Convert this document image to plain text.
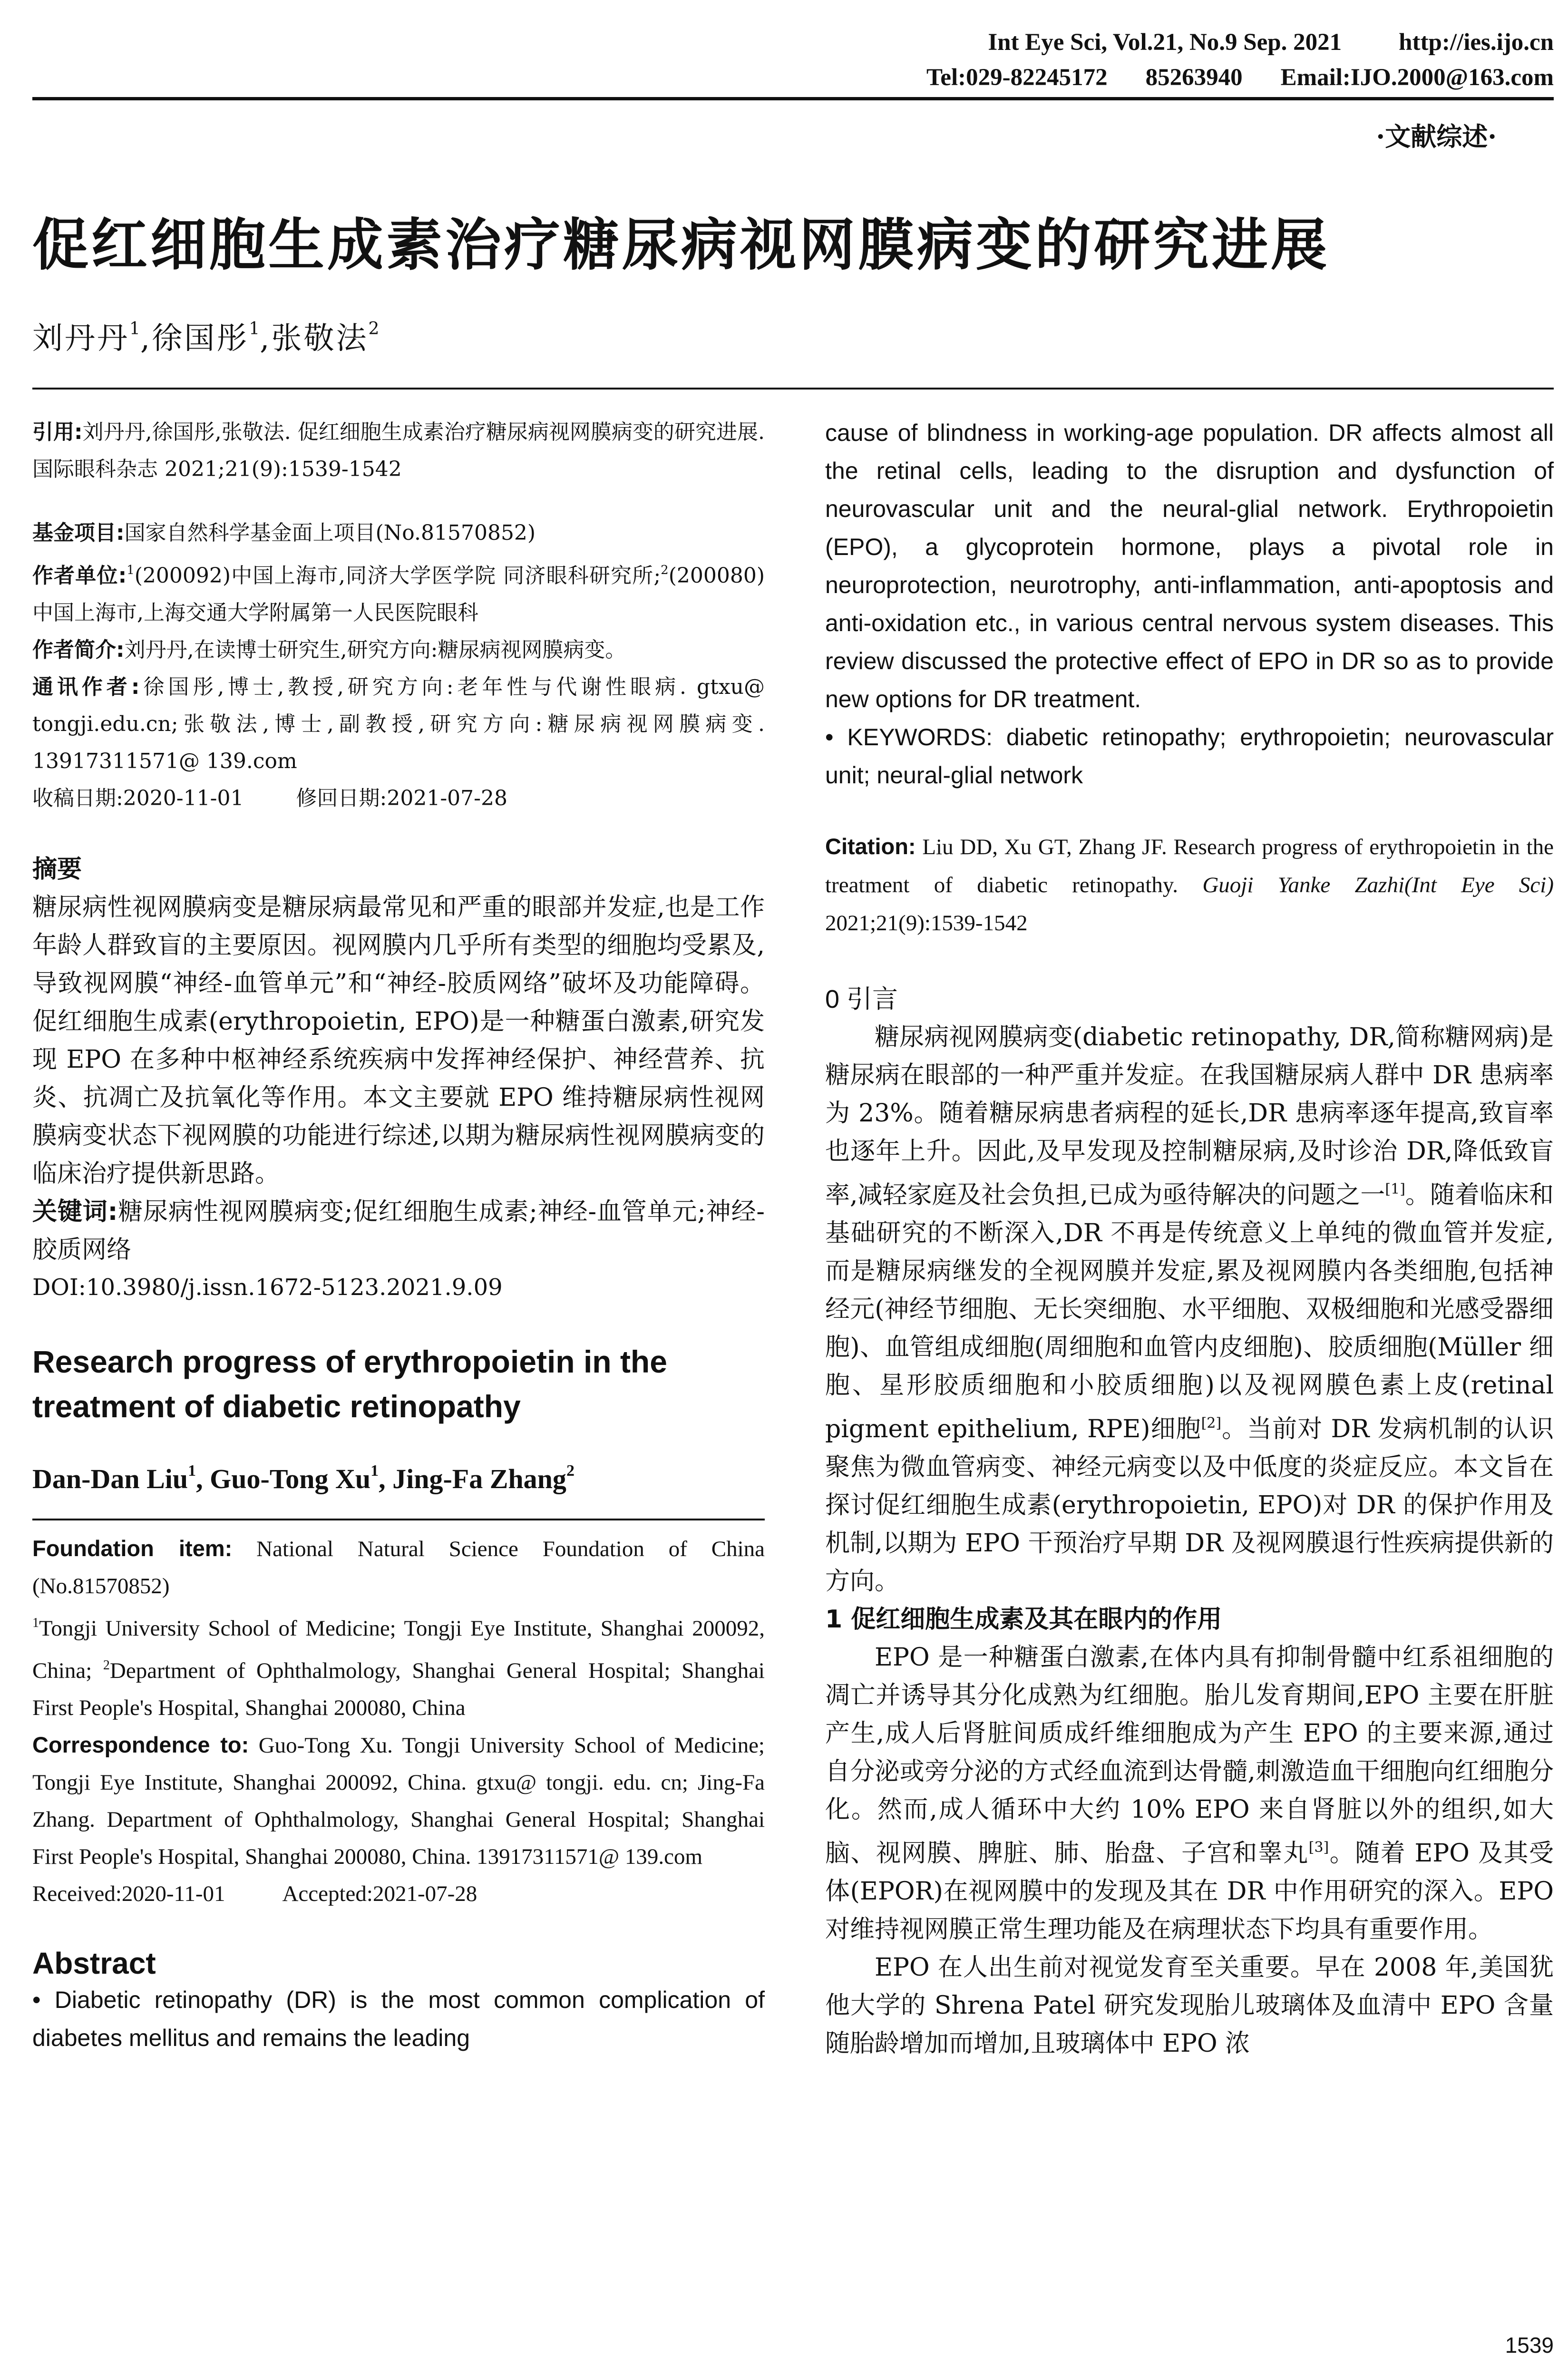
Int Eye Sci, Vol.21, No.9 Sep. 2021 http://ies.ijo.cn
Tel:029-82245172 85263940 Email:IJO.2000@163.com
·文献综述·
促红细胞生成素治疗糖尿病视网膜病变的研究进展
刘丹丹$^1$,徐国彤$^1$,张敬法$^2$
引用:刘丹丹,徐国彤,张敬法. 促红细胞生成素治疗糖尿病视网膜病变的研究进展. 国际眼科杂志 2021;21(9):1539-1542
基金项目:国家自然科学基金面上项目(No.81570852)
作者单位:$^1$(200092)中国上海市,同济大学医学院 同济眼科研究所;$^2$(200080)中国上海市,上海交通大学附属第一人民医院眼科
作者简介:刘丹丹,在读博士研究生,研究方向:糖尿病视网膜病变。
通讯作者:徐国彤,博士,教授,研究方向:老年性与代谢性眼病. gtxu@ tongji.edu.cn;张敬法,博士,副教授,研究方向:糖尿病视网膜病变. 13917311571@ 139.com
收稿日期:2020-11-01	修回日期:2021-07-28
摘要

糖尿病性视网膜病变是糖尿病最常见和严重的眼部并发症,也是工作年龄人群致盲的主要原因。视网膜内几乎所有类型的细胞均受累及,导致视网膜“神经-血管单元”和“神经-胶质网络”破坏及功能障碍。促红细胞生成素(erythropoietin, EPO)是一种糖蛋白激素,研究发现 EPO 在多种中枢神经系统疾病中发挥神经保护、神经营养、抗炎、抗凋亡及抗氧化等作用。本文主要就 EPO 维持糖尿病性视网膜病变状态下视网膜的功能进行综述,以期为糖尿病性视网膜病变的临床治疗提供新思路。

关键词:糖尿病性视网膜病变;促红细胞生成素;神经-血管单元;神经-胶质网络

DOI:10.3980/j.issn.1672-5123.2021.9.09

Research progress of erythropoietin in the treatment of diabetic retinopathy
Dan-Dan Liu$^1$, Guo-Tong Xu$^1$, Jing-Fa Zhang$^2$
Foundation item: National Natural Science Foundation of China (No.81570852)
$^1$Tongji University School of Medicine; Tongji Eye Institute, Shanghai 200092, China; $^2$Department of Ophthalmology, Shanghai General Hospital; Shanghai First People's Hospital, Shanghai 200080, China
Correspondence to: Guo-Tong Xu. Tongji University School of Medicine; Tongji Eye Institute, Shanghai 200092, China. gtxu@ tongji. edu. cn; Jing-Fa Zhang. Department of Ophthalmology, Shanghai General Hospital; Shanghai First People's Hospital, Shanghai 200080, China. 13917311571@ 139.com
Received:2020-11-01	Accepted:2021-07-28
Abstract

• Diabetic retinopathy (DR) is the most common complication of diabetes mellitus and remains the leading

cause of blindness in working-age population. DR affects almost all the retinal cells, leading to the disruption and dysfunction of neurovascular unit and the neural-glial network. Erythropoietin (EPO), a glycoprotein hormone, plays a pivotal role in neuroprotection, neurotrophy, anti-inflammation, anti-apoptosis and anti-oxidation etc., in various central nervous system diseases. This review discussed the protective effect of EPO in DR so as to provide new options for DR treatment.

• KEYWORDS: diabetic retinopathy; erythropoietin; neurovascular unit; neural-glial network

Citation: Liu DD, Xu GT, Zhang JF. Research progress of erythropoietin in the treatment of diabetic retinopathy. Guoji Yanke Zazhi(Int Eye Sci) 2021;21(9):1539-1542

0 引言

糖尿病视网膜病变(diabetic retinopathy, DR,简称糖网病)是糖尿病在眼部的一种严重并发症。在我国糖尿病人群中 DR 患病率为 23%。随着糖尿病患者病程的延长,DR 患病率逐年提高,致盲率也逐年上升。因此,及早发现及控制糖尿病,及时诊治 DR,降低致盲率,减轻家庭及社会负担,已成为亟待解决的问题之一[1]。随着临床和基础研究的不断深入,DR 不再是传统意义上单纯的微血管并发症,而是糖尿病继发的全视网膜并发症,累及视网膜内各类细胞,包括神经元(神经节细胞、无长突细胞、水平细胞、双极细胞和光感受器细胞)、血管组成细胞(周细胞和血管内皮细胞)、胶质细胞(Müller 细胞、星形胶质细胞和小胶质细胞)以及视网膜色素上皮(retinal pigment epithelium, RPE)细胞[2]。当前对 DR 发病机制的认识聚焦为微血管病变、神经元病变以及中低度的炎症反应。本文旨在探讨促红细胞生成素(erythropoietin, EPO)对 DR 的保护作用及机制,以期为 EPO 干预治疗早期 DR 及视网膜退行性疾病提供新的方向。

1 促红细胞生成素及其在眼内的作用

EPO 是一种糖蛋白激素,在体内具有抑制骨髓中红系祖细胞的凋亡并诱导其分化成熟为红细胞。胎儿发育期间,EPO 主要在肝脏产生,成人后肾脏间质成纤维细胞成为产生 EPO 的主要来源,通过自分泌或旁分泌的方式经血流到达骨髓,刺激造血干细胞向红细胞分化。然而,成人循环中大约 10% EPO 来自肾脏以外的组织,如大脑、视网膜、脾脏、肺、胎盘、子宫和睾丸[3]。随着 EPO 及其受体(EPOR)在视网膜中的发现及其在 DR 中作用研究的深入。EPO 对维持视网膜正常生理功能及在病理状态下均具有重要作用。

EPO 在人出生前对视觉发育至关重要。早在 2008 年,美国犹他大学的 Shrena Patel 研究发现胎儿玻璃体及血清中 EPO 含量随胎龄增加而增加,且玻璃体中 EPO 浓

1539
